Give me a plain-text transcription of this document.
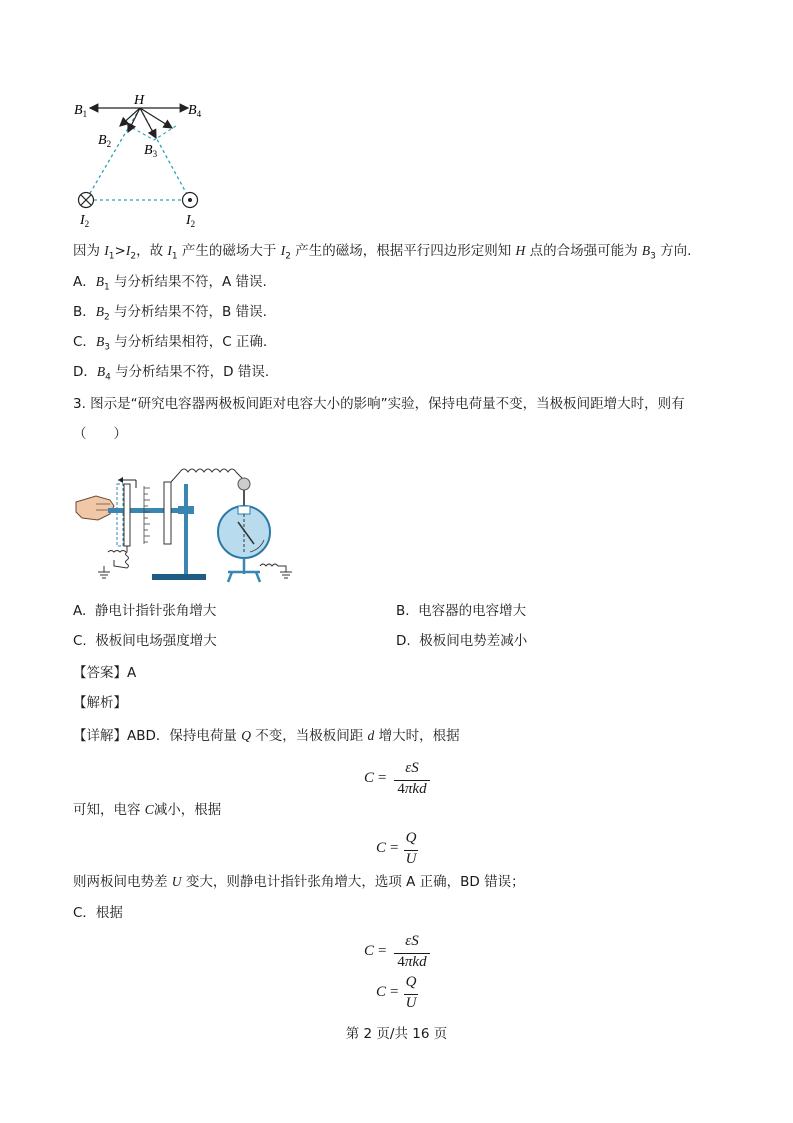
H
$B_1$	$B_4$
$B_2$ $B_3$
$I_2$	$I_2$
因为 $I_1>I_2$，故 $I_1$ 产生的磁场大于 $I_2$ 产生的磁场，根据平行四边形定则知 H 点的合场强可能为 $B_3$ 方向.
A．$B_1$ 与分析结果不符，A 错误.
B．$B_2$ 与分析结果不符，B 错误.
C．$B_3$ 与分析结果相符，C 正确.
D．$B_4$ 与分析结果不符，D 错误.
3. 图示是“研究电容器两极板间距对电容大小的影响”实验，保持电荷量不变，当极板间距增大时，则有
（　　）
A. 静电计指针张角增大	B. 电容器的电容增大
C. 极板间电场强度增大	D. 极板间电势差减小
【答案】A
【解析】
【详解】ABD．保持电荷量 Q 不变，当极板间距 d 增大时，根据
C =
εS
4πkd
可知，电容 C减小，根据
C =
Q
U
则两板间电势差 U 变大，则静电计指针张角增大，选项 A 正确，BD 错误；
C．根据
C =
εS
4πkd
C =
Q
U
第 2 页/共 16 页
